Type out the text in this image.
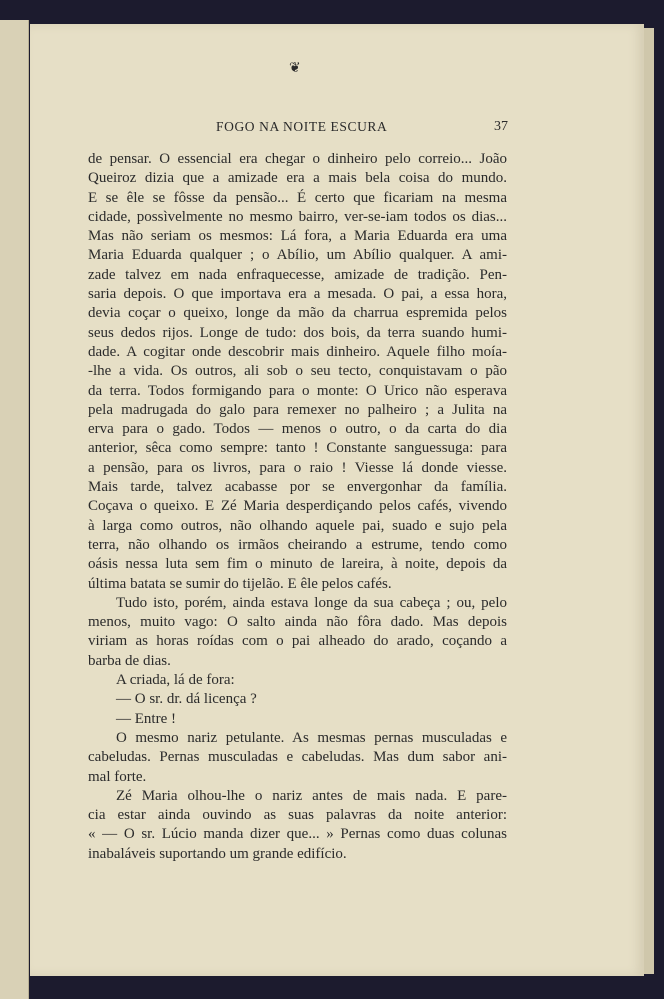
❦
FOGO NA NOITE ESCURA	37
de pensar. O essencial era chegar o dinheiro pelo correio... João
Queiroz dizia que a amizade era a mais bela coisa do mundo.
E se êle se fôsse da pensão... É certo que ficariam na mesma
cidade, possìvelmente no mesmo bairro, ver-se-iam todos os dias...
Mas não seriam os mesmos: Lá fora, a Maria Eduarda era uma
Maria Eduarda qualquer ; o Abílio, um Abílio qualquer. A ami-
zade talvez em nada enfraquecesse, amizade de tradição. Pen-
saria depois. O que importava era a mesada. O pai, a essa hora,
devia coçar o queixo, longe da mão da charrua espremida pelos
seus dedos rijos. Longe de tudo: dos bois, da terra suando humi-
dade. A cogitar onde descobrir mais dinheiro. Aquele filho moía-
-lhe a vida. Os outros, ali sob o seu tecto, conquistavam o pão
da terra. Todos formigando para o monte: O Urico não esperava
pela madrugada do galo para remexer no palheiro ; a Julita na
erva para o gado. Todos — menos o outro, o da carta do dia
anterior, sêca como sempre: tanto ! Constante sanguessuga: para
a pensão, para os livros, para o raio ! Viesse lá donde viesse.
Mais tarde, talvez acabasse por se envergonhar da família.
Coçava o queixo. E Zé Maria desperdiçando pelos cafés, vivendo
à larga como outros, não olhando aquele pai, suado e sujo pela
terra, não olhando os irmãos cheirando a estrume, tendo como
oásis nessa luta sem fim o minuto de lareira, à noite, depois da
última batata se sumir do tijelão. E êle pelos cafés.
Tudo isto, porém, ainda estava longe da sua cabeça ; ou, pelo
menos, muito vago: O salto ainda não fôra dado. Mas depois
viriam as horas roídas com o pai alheado do arado, coçando a
barba de dias.
A criada, lá de fora:
— O sr. dr. dá licença ?
— Entre !
O mesmo nariz petulante. As mesmas pernas musculadas e
cabeludas. Pernas musculadas e cabeludas. Mas dum sabor ani-
mal forte.
Zé Maria olhou-lhe o nariz antes de mais nada. E pare-
cia estar ainda ouvindo as suas palavras da noite anterior:
« — O sr. Lúcio manda dizer que... » Pernas como duas colunas
inabaláveis suportando um grande edifício.
